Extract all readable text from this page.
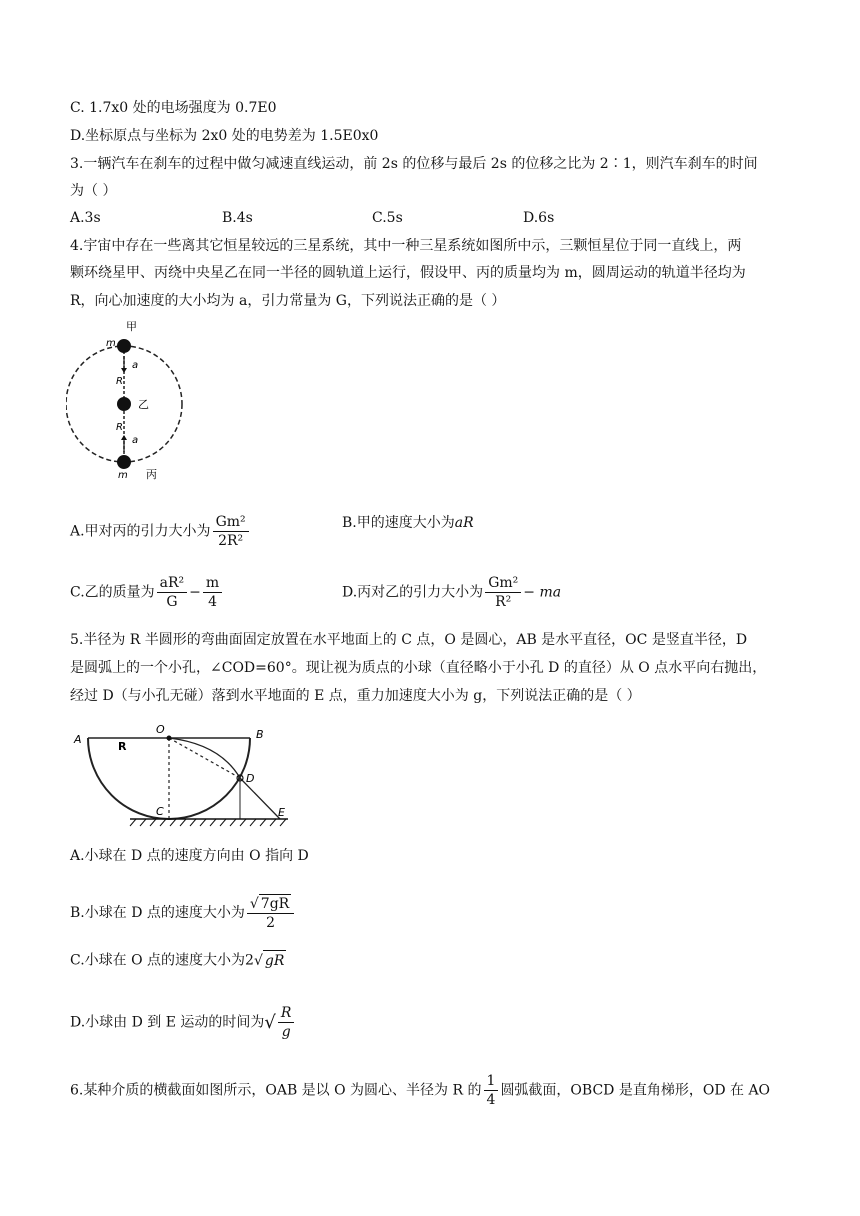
C. 1.7x0 处的电场强度为 0.7E0
D.坐标原点与坐标为 2x0 处的电势差为 1.5E0x0
3.一辆汽车在刹车的过程中做匀减速直线运动，前 2s 的位移与最后 2s 的位移之比为 2∶1，则汽车刹车的时间
为（ ）
A.3s	B.4s	C.5s	D.6s
4.宇宙中存在一些离其它恒星较远的三星系统，其中一种三星系统如图所中示，三颗恒星位于同一直线上，两
颗环绕星甲、丙绕中央星乙在同一半径的圆轨道上运行，假设甲、丙的质量均为 m，圆周运动的轨道半径均为
R，向心加速度的大小均为 a，引力常量为 G，下列说法正确的是（ ）
甲
m
a
R
乙
R
a
m 丙
A.甲对丙的引力大小为 $\frac{\text{Gm²}}{\text{2R²}}$	B.甲的速度大小为aR
C.乙的质量为 $\frac{\text{aR²}}{G} - \frac{m}{4}$	D.丙对乙的引力大小为 $\frac{\text{Gm²}}{\text{R²}}$ − ma
5.半径为 R 半圆形的弯曲面固定放置在水平地面上的 C 点，O 是圆心，AB 是水平直径，OC 是竖直半径，D
是圆弧上的一个小孔，∠COD=60°。现让视为质点的小球（直径略小于小孔 D 的直径）从 O 点水平向右抛出，
经过 D（与小孔无碰）落到水平地面的 E 点，重力加速度大小为 g，下列说法正确的是（ ）
A	B
O
R
C
D
E
A.小球在 D 点的速度方向由 O 指向 D
B.小球在 D 点的速度大小为 $\frac{√ 7gR}{2}$
C.小球在 O 点的速度大小为2√ gR
D.小球由 D 到 E 运动的时间为√ $\frac{R}{g}$
6.某种介质的横截面如图所示，OAB 是以 O 为圆心、半径为 R 的 $\frac{1}{4}$ 圆弧截面，OBCD 是直角梯形，OD 在 AO
